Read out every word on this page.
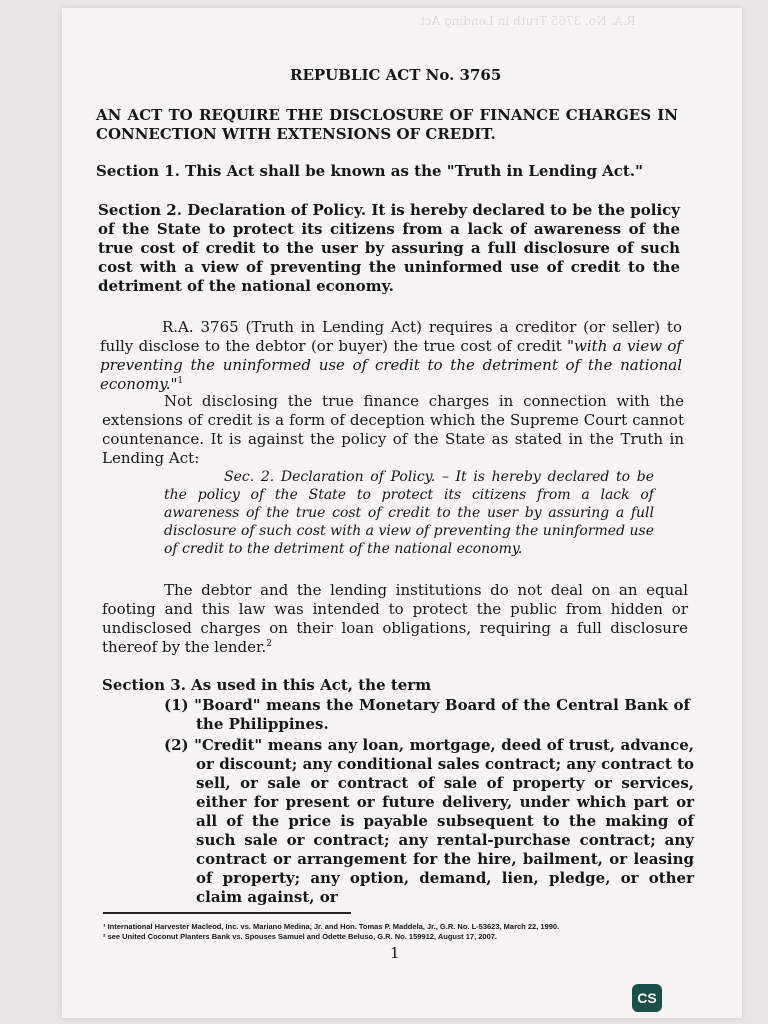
R.A. No. 3765 Truth in Lending Act
REPUBLIC ACT No. 3765
AN ACT TO REQUIRE THE DISCLOSURE OF FINANCE CHARGES IN CONNECTION WITH EXTENSIONS OF CREDIT.
Section 1. This Act shall be known as the "Truth in Lending Act."
Section 2. Declaration of Policy. It is hereby declared to be the policy of the State to protect its citizens from a lack of awareness of the true cost of credit to the user by assuring a full disclosure of such cost with a view of preventing the uninformed use of credit to the detriment of the national economy.
R.A. 3765 (Truth in Lending Act) requires a creditor (or seller) to fully disclose to the debtor (or buyer) the true cost of credit "with a view of preventing the uninformed use of credit to the detriment of the national economy."$^1$
Not disclosing the true finance charges in connection with the extensions of credit is a form of deception which the Supreme Court cannot countenance. It is against the policy of the State as stated in the Truth in Lending Act:
Sec. 2. Declaration of Policy. – It is hereby declared to be the policy of the State to protect its citizens from a lack of awareness of the true cost of credit to the user by assuring a full disclosure of such cost with a view of preventing the uninformed use of credit to the detriment of the national economy.
The debtor and the lending institutions do not deal on an equal footing and this law was intended to protect the public from hidden or undisclosed charges on their loan obligations, requiring a full disclosure thereof by the lender.$^2$
Section 3. As used in this Act, the term
(1) "Board" means the Monetary Board of the Central Bank of the Philippines.
(2) "Credit" means any loan, mortgage, deed of trust, advance, or discount; any conditional sales contract; any contract to sell, or sale or contract of sale of property or services, either for present or future delivery, under which part or all of the price is payable subsequent to the making of such sale or contract; any rental-purchase contract; any contract or arrangement for the hire, bailment, or leasing of property; any option, demand, lien, pledge, or other claim against, or
¹ International Harvester Macleod, Inc. vs. Mariano Medina, Jr. and Hon. Tomas P. Maddela, Jr., G.R. No. L-53623, March 22, 1990.
² see United Coconut Planters Bank vs. Spouses Samuel and Odette Beluso, G.R. No. 159912, August 17, 2007.
1
CS
